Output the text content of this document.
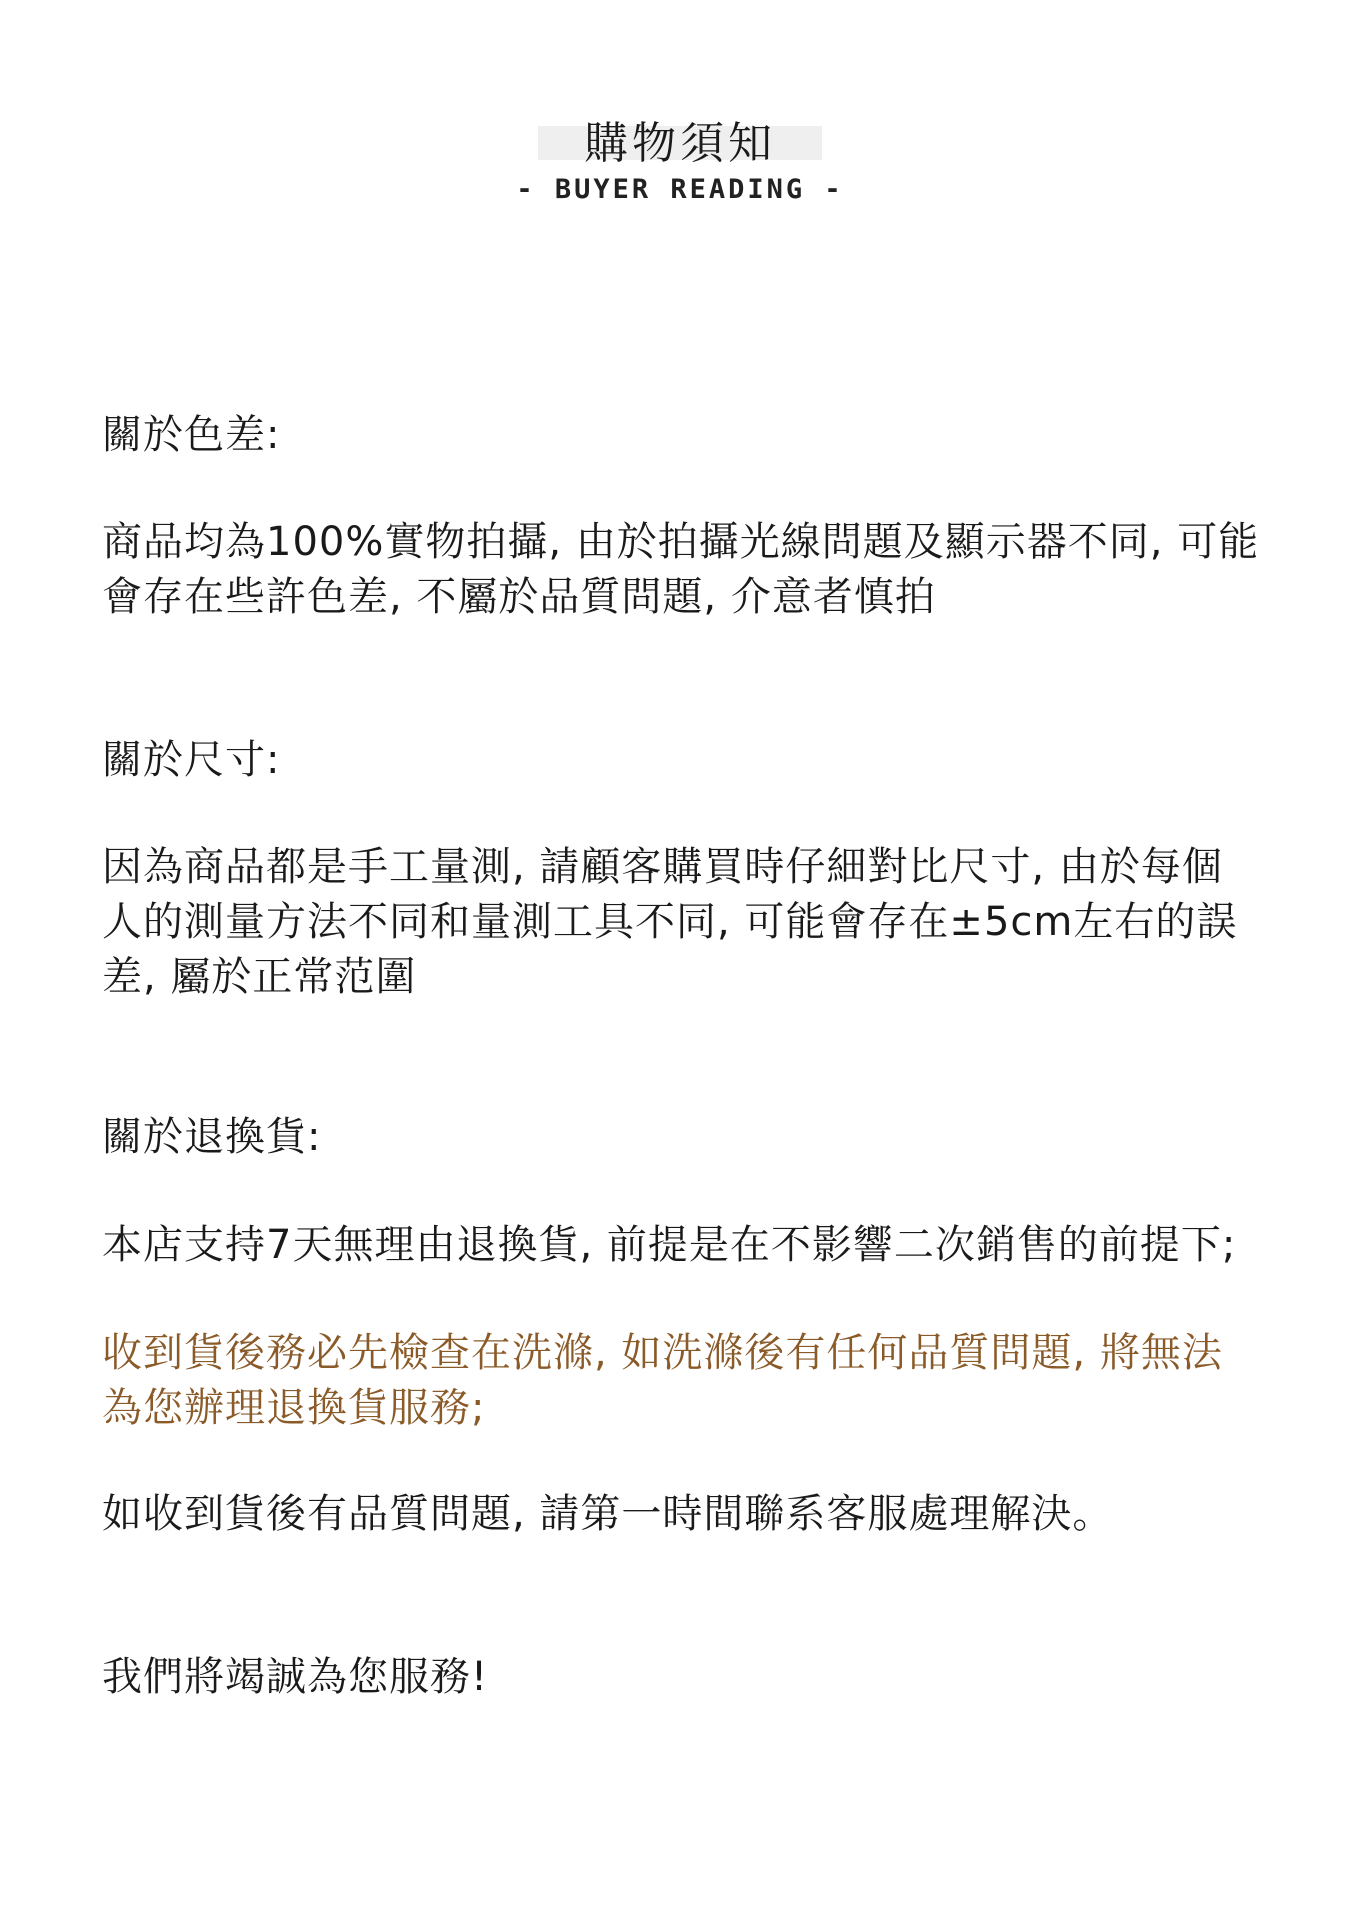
購物須知
- BUYER READING -
關於色差:
商品均為100%實物拍攝, 由於拍攝光線問題及顯示器不同, 可能
會存在些許色差, 不屬於品質問題, 介意者慎拍
關於尺寸:
因為商品都是手工量測, 請顧客購買時仔細對比尺寸, 由於每個
人的測量方法不同和量測工具不同, 可能會存在±5cm左右的誤
差, 屬於正常范圍
關於退換貨:
本店支持7天無理由退換貨, 前提是在不影響二次銷售的前提下;
收到貨後務必先檢查在洗滌, 如洗滌後有任何品質問題, 將無法
為您辦理退換貨服務;
如收到貨後有品質問題, 請第一時間聯系客服處理解決。
我們將竭誠為您服務!
